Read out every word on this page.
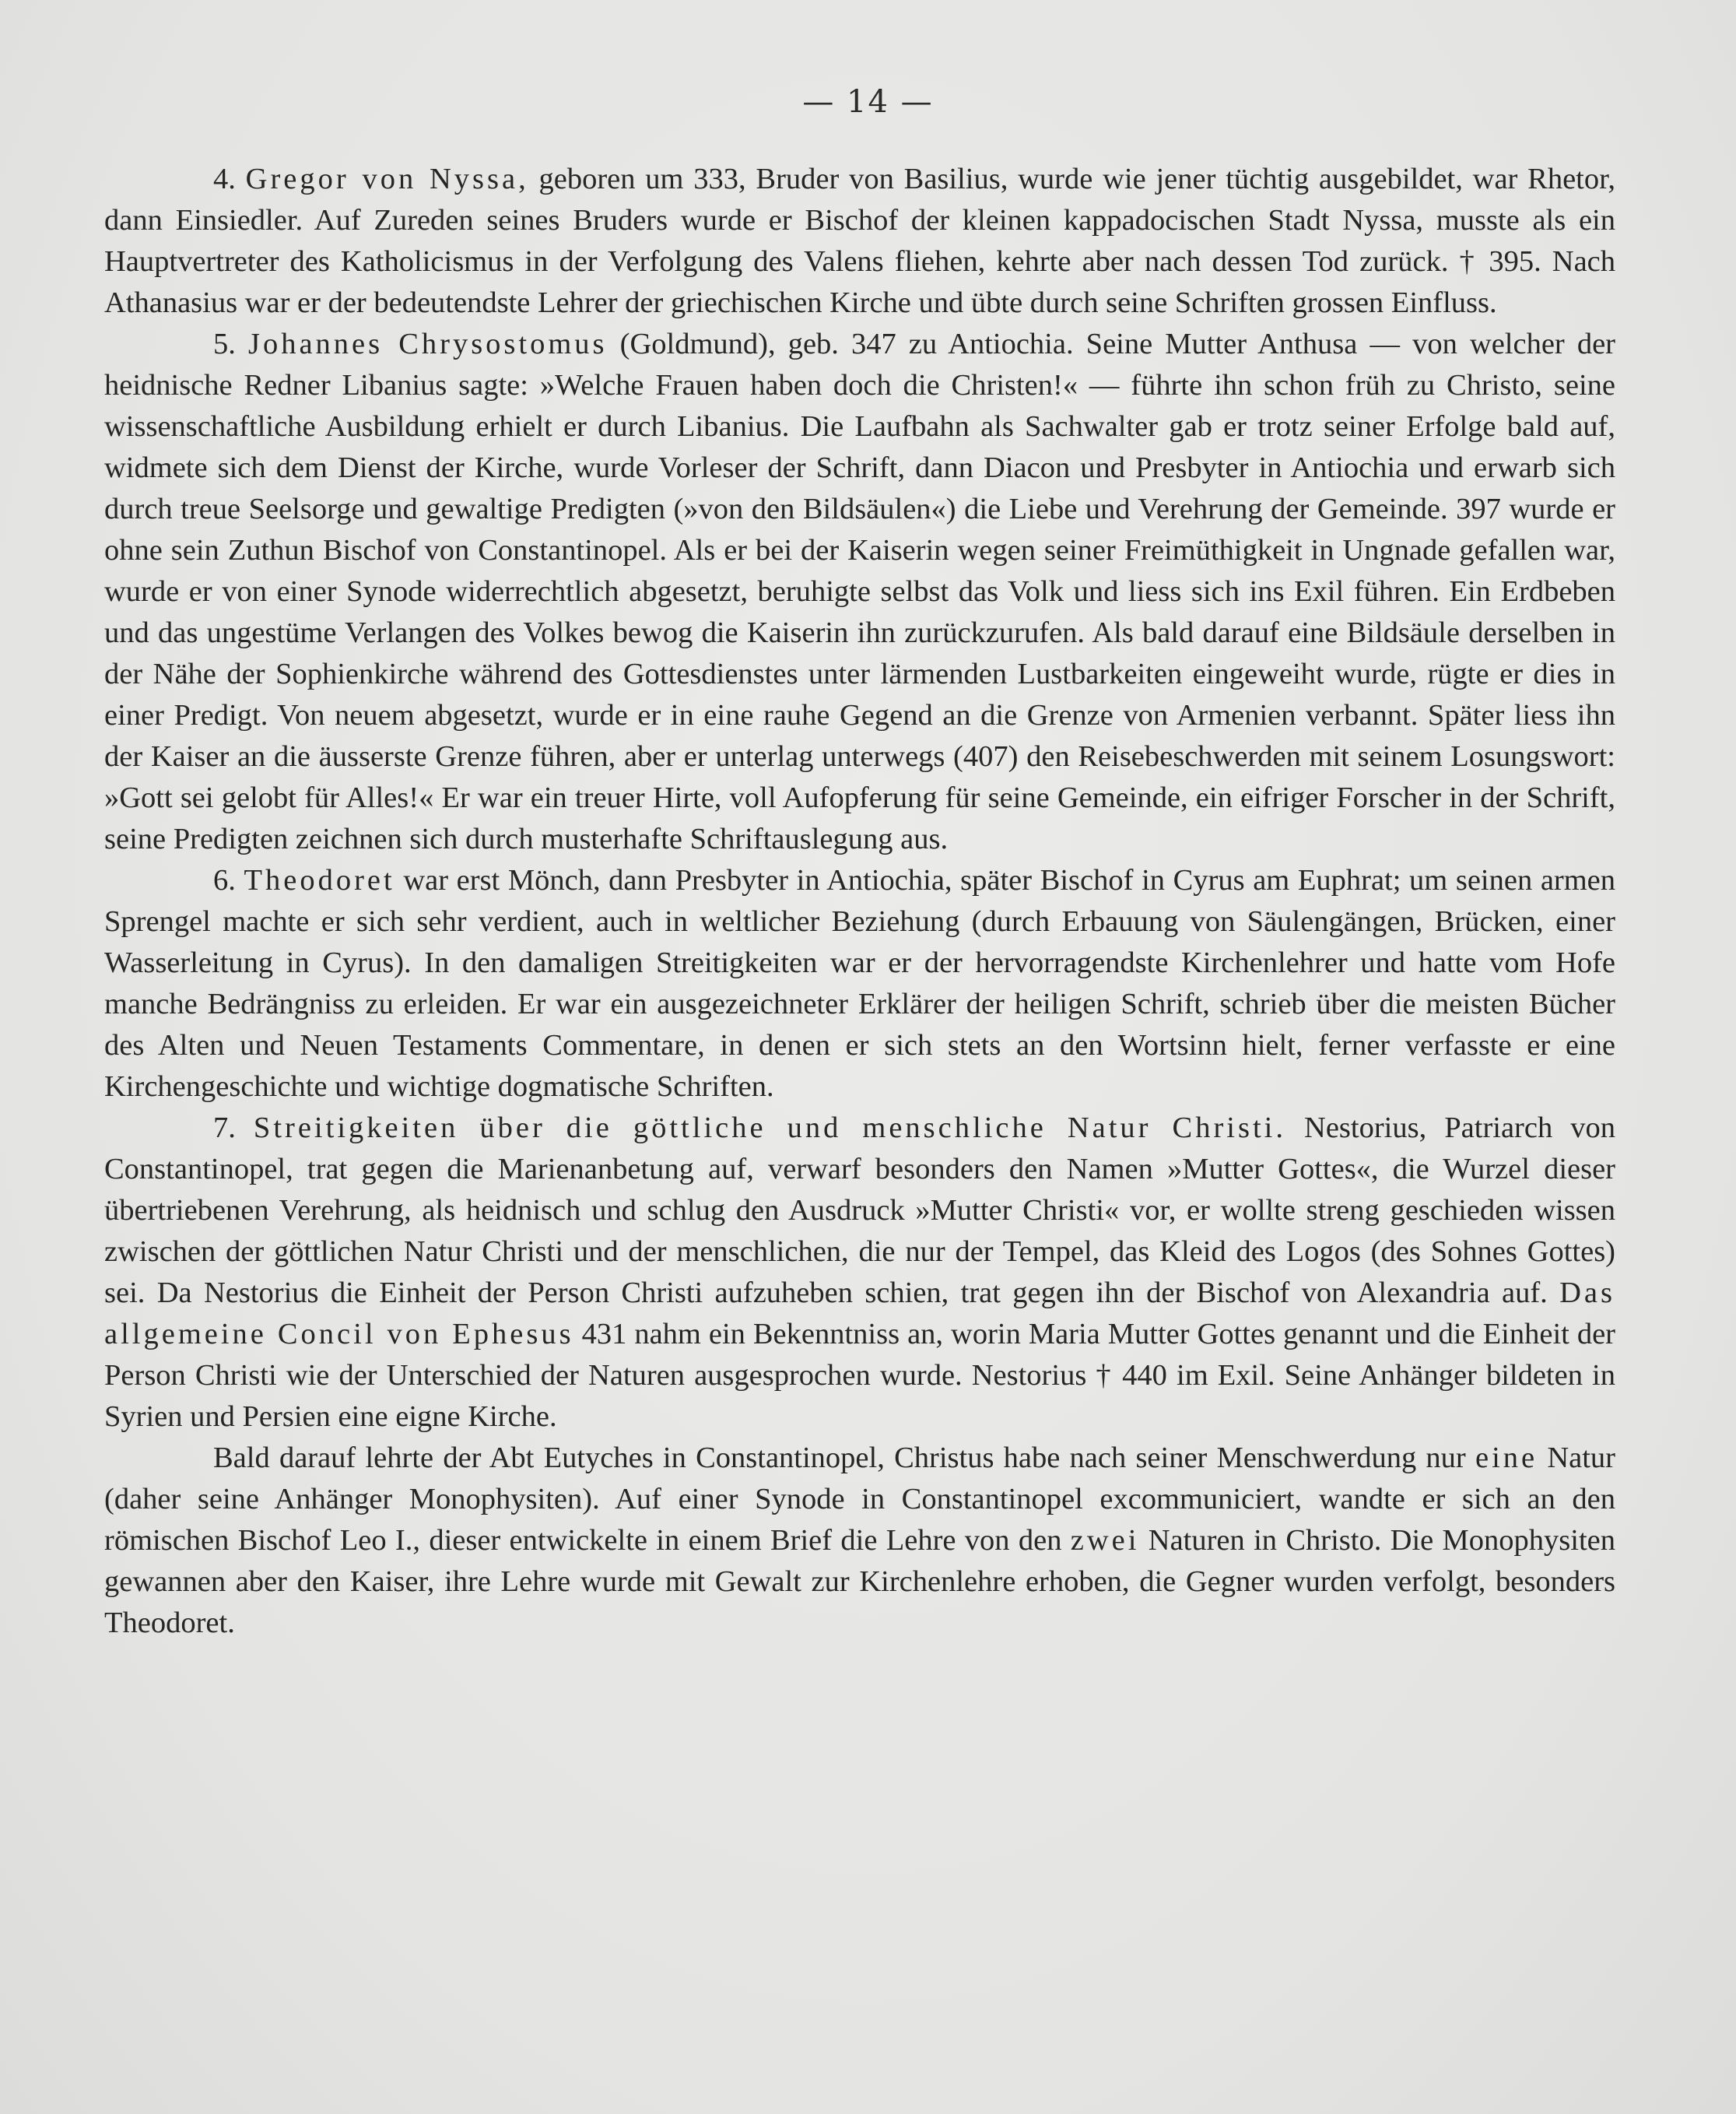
— 14 —

4. Gregor von Nyssa, geboren um 333, Bruder von Basilius, wurde wie jener tüchtig ausgebildet, war Rhetor, dann Einsiedler. Auf Zureden seines Bruders wurde er Bischof der kleinen kappadocischen Stadt Nyssa, musste als ein Hauptvertreter des Katholicismus in der Verfolgung des Valens fliehen, kehrte aber nach dessen Tod zurück. † 395. Nach Athanasius war er der bedeutendste Lehrer der griechischen Kirche und übte durch seine Schriften grossen Einfluss.

5. Johannes Chrysostomus (Goldmund), geb. 347 zu Antiochia. Seine Mutter Anthusa — von welcher der heidnische Redner Libanius sagte: »Welche Frauen haben doch die Christen!« — führte ihn schon früh zu Christo, seine wissenschaftliche Ausbildung erhielt er durch Libanius. Die Laufbahn als Sachwalter gab er trotz seiner Erfolge bald auf, widmete sich dem Dienst der Kirche, wurde Vorleser der Schrift, dann Diacon und Presbyter in Antiochia und erwarb sich durch treue Seelsorge und gewaltige Predigten (»von den Bildsäulen«) die Liebe und Verehrung der Gemeinde. 397 wurde er ohne sein Zuthun Bischof von Constantinopel. Als er bei der Kaiserin wegen seiner Freimüthigkeit in Ungnade gefallen war, wurde er von einer Synode widerrechtlich abgesetzt, beruhigte selbst das Volk und liess sich ins Exil führen. Ein Erdbeben und das ungestüme Verlangen des Volkes bewog die Kaiserin ihn zurückzurufen. Als bald darauf eine Bildsäule derselben in der Nähe der Sophienkirche während des Gottesdienstes unter lärmenden Lustbarkeiten eingeweiht wurde, rügte er dies in einer Predigt. Von neuem abgesetzt, wurde er in eine rauhe Gegend an die Grenze von Armenien verbannt. Später liess ihn der Kaiser an die äusserste Grenze führen, aber er unterlag unterwegs (407) den Reisebeschwerden mit seinem Losungswort: »Gott sei gelobt für Alles!« Er war ein treuer Hirte, voll Aufopferung für seine Gemeinde, ein eifriger Forscher in der Schrift, seine Predigten zeichnen sich durch musterhafte Schriftauslegung aus.

6. Theodoret war erst Mönch, dann Presbyter in Antiochia, später Bischof in Cyrus am Euphrat; um seinen armen Sprengel machte er sich sehr verdient, auch in weltlicher Beziehung (durch Erbauung von Säulengängen, Brücken, einer Wasserleitung in Cyrus). In den damaligen Streitigkeiten war er der hervorragendste Kirchenlehrer und hatte vom Hofe manche Bedrängniss zu erleiden. Er war ein ausgezeichneter Erklärer der heiligen Schrift, schrieb über die meisten Bücher des Alten und Neuen Testaments Commentare, in denen er sich stets an den Wortsinn hielt, ferner verfasste er eine Kirchengeschichte und wichtige dogmatische Schriften.

7. Streitigkeiten über die göttliche und menschliche Natur Christi. Nestorius, Patriarch von Constantinopel, trat gegen die Marienanbetung auf, verwarf besonders den Namen »Mutter Gottes«, die Wurzel dieser übertriebenen Verehrung, als heidnisch und schlug den Ausdruck »Mutter Christi« vor, er wollte streng geschieden wissen zwischen der göttlichen Natur Christi und der menschlichen, die nur der Tempel, das Kleid des Logos (des Sohnes Gottes) sei. Da Nestorius die Einheit der Person Christi aufzuheben schien, trat gegen ihn der Bischof von Alexandria auf. Das allgemeine Concil von Ephesus 431 nahm ein Bekenntniss an, worin Maria Mutter Gottes genannt und die Einheit der Person Christi wie der Unterschied der Naturen ausgesprochen wurde. Nestorius † 440 im Exil. Seine Anhänger bildeten in Syrien und Persien eine eigne Kirche.

Bald darauf lehrte der Abt Eutyches in Constantinopel, Christus habe nach seiner Menschwerdung nur eine Natur (daher seine Anhänger Monophysiten). Auf einer Synode in Constantinopel excommuniciert, wandte er sich an den römischen Bischof Leo I., dieser entwickelte in einem Brief die Lehre von den zwei Naturen in Christo. Die Monophysiten gewannen aber den Kaiser, ihre Lehre wurde mit Gewalt zur Kirchenlehre erhoben, die Gegner wurden verfolgt, besonders Theodoret.
